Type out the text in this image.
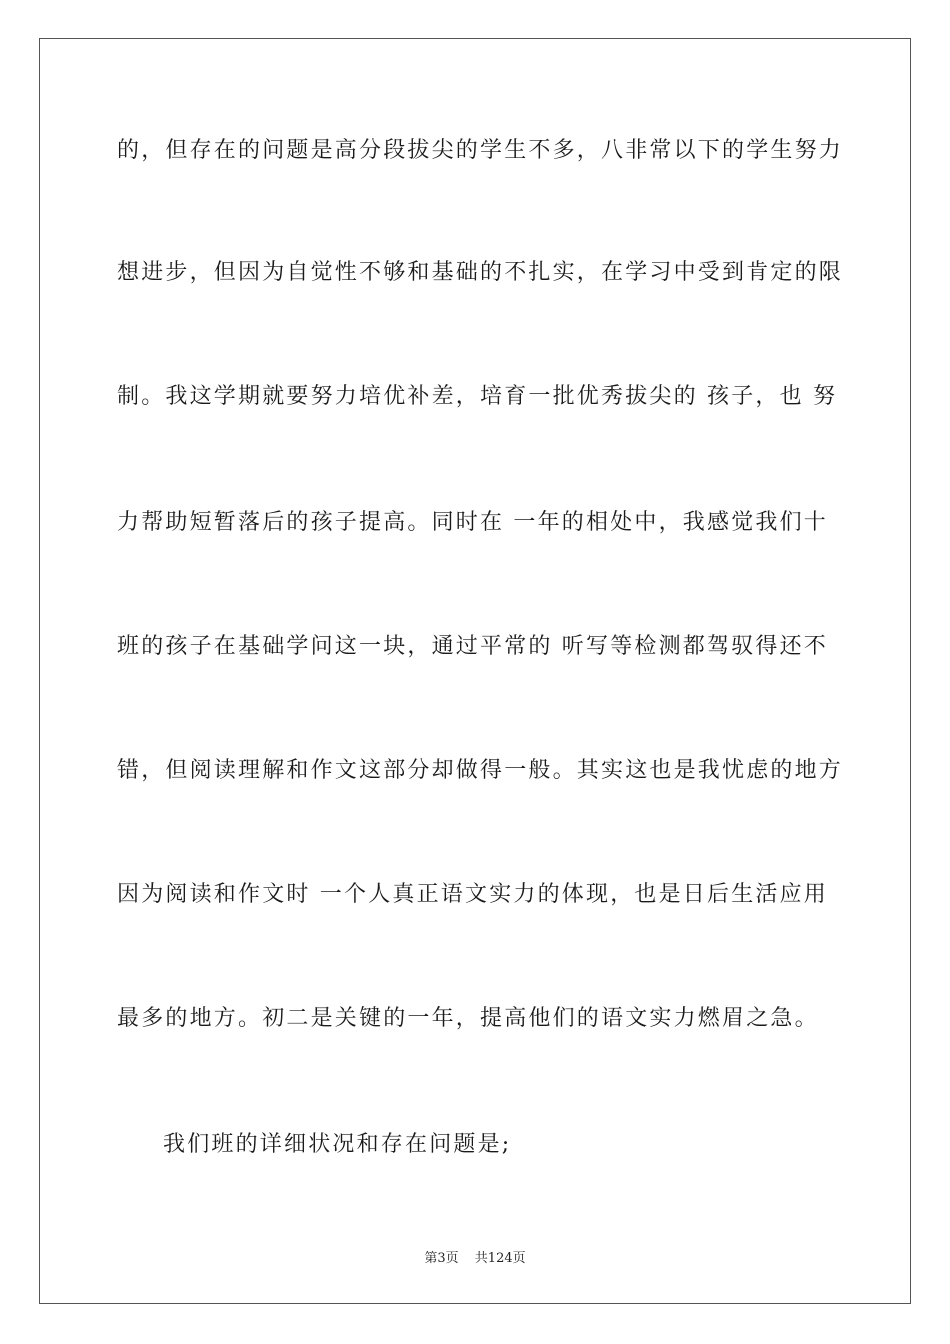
的，但存在的问题是高分段拔尖的学生不多，八非常以下的学生努力
想进步，但因为自觉性不够和基础的不扎实，在学习中受到肯定的限
制。我这学期就要努力培优补差，培育一批优秀拔尖的 孩子，也 努
力帮助短暂落后的孩子提高。同时在 一年的相处中，我感觉我们十
班的孩子在基础学问这一块，通过平常的 听写等检测都驾驭得还不
错，但阅读理解和作文这部分却做得一般。其实这也是我忧虑的地方
因为阅读和作文时 一个人真正语文实力的体现，也是日后生活应用
最多的地方。初二是关键的一年，提高他们的语文实力燃眉之急。
我们班的详细状况和存在问题是;
第3页 共124页
